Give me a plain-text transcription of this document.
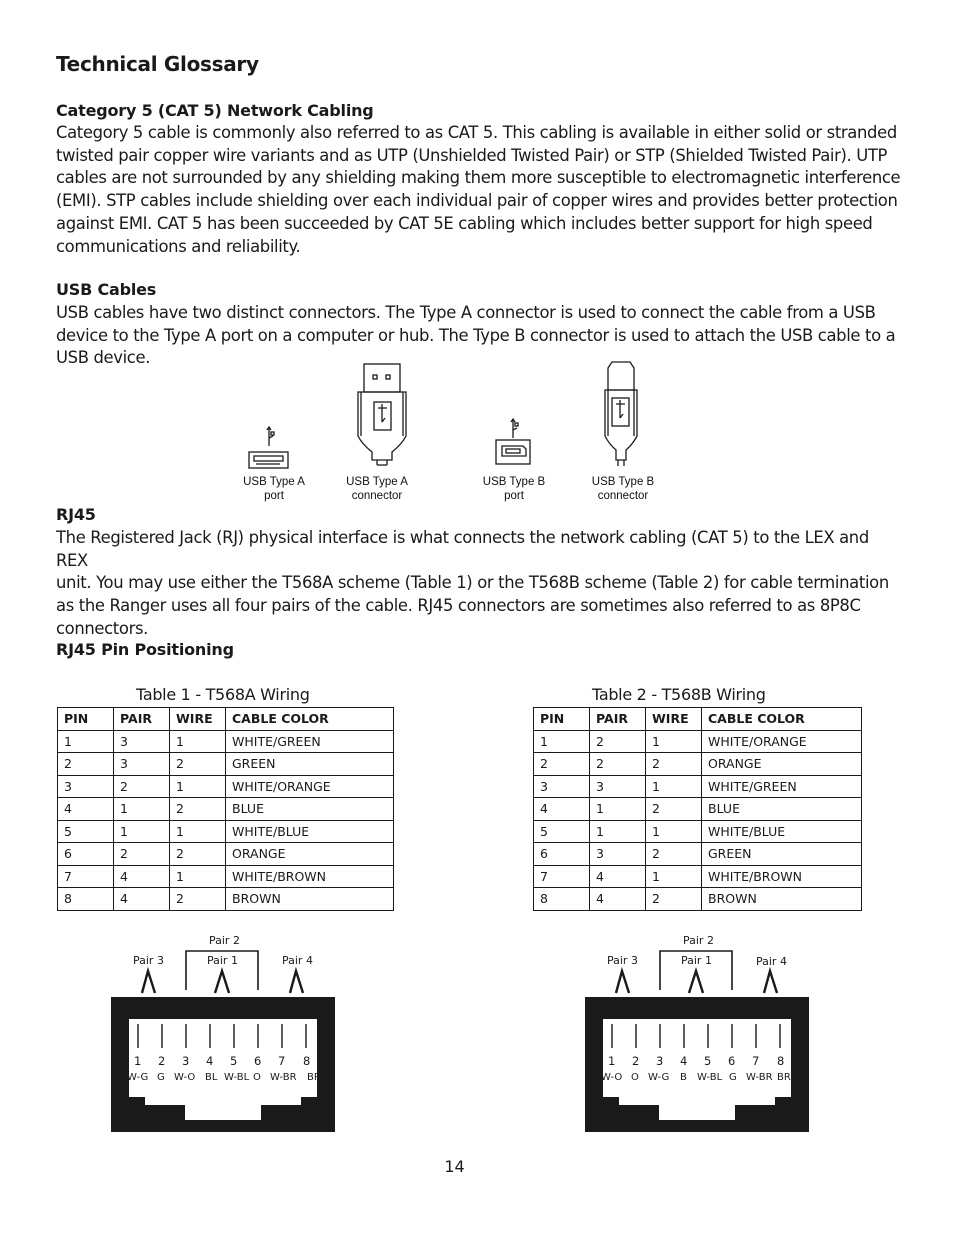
Technical Glossary
Category 5 (CAT 5) Network Cabling
Category 5 cable is commonly also referred to as CAT 5. This cabling is available in either solid or stranded
twisted pair copper wire variants and as UTP (Unshielded Twisted Pair) or STP (Shielded Twisted Pair). UTP
cables are not surrounded by any shielding making them more susceptible to electromagnetic interference
(EMI). STP cables include shielding over each individual pair of copper wires and provides better protection
against EMI. CAT 5 has been succeeded by CAT 5E cabling which includes better support for high speed
communications and reliability.
USB Cables
USB cables have two distinct connectors. The Type A connector is used to connect the cable from a USB
device to the Type A port on a computer or hub. The Type B connector is used to attach the USB cable to a
USB device.
USB Type A
port
USB Type A
connector
USB Type B
port
USB Type B
connector
RJ45
The Registered Jack (RJ) physical interface is what connects the network cabling (CAT 5) to the LEX and REX
unit. You may use either the T568A scheme (Table 1) or the T568B scheme (Table 2) for cable termination
as the Ranger uses all four pairs of the cable. RJ45 connectors are sometimes also referred to as 8P8C
connectors.
RJ45 Pin Positioning
Table 1 - T568A Wiring	Table 2 - T568B Wiring
PIN	PAIR	WIRE	CABLE COLOR
1	3	1	WHITE/GREEN
2	3	2	GREEN
3	2	1	WHITE/ORANGE
4	1	2	BLUE
5	1	1	WHITE/BLUE
6	2	2	ORANGE
7	4	1	WHITE/BROWN
8	4	2	BROWN
PIN	PAIR	WIRE	CABLE COLOR
1	2	1	WHITE/ORANGE
2	2	2	ORANGE
3	3	1	WHITE/GREEN
4	1	2	BLUE
5	1	1	WHITE/BLUE
6	3	2	GREEN
7	4	1	WHITE/BROWN
8	4	2	BROWN
Pair 2
Pair 3	Pair 1	Pair 4
1 2 3 4 5 6 7 8
W-G G W-O BL W-BL O W-BR BR
Pair 2
Pair 3	Pair 1	Pair 4
1 2 3 4 5 6 7 8
W-O O W-G B W-BL G W-BR BR
14
